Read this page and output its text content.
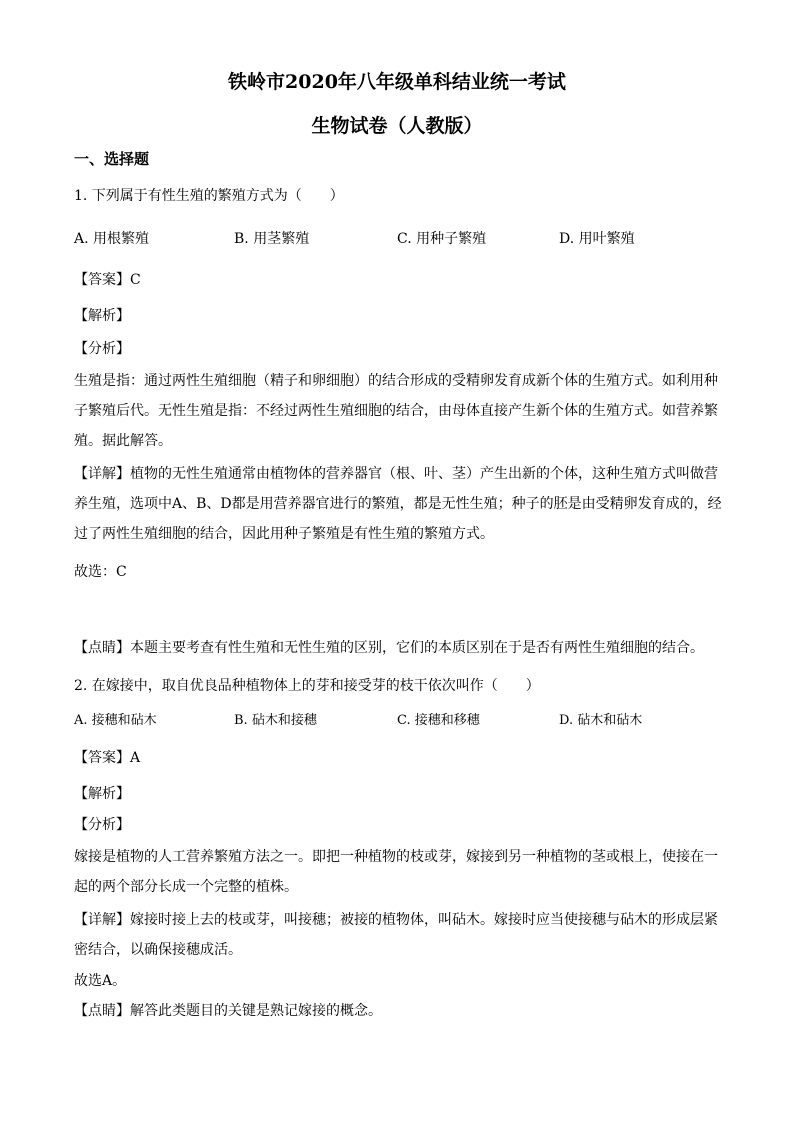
铁岭市2020年八年级单科结业统一考试
生物试卷（人教版）
一、选择题
1. 下列属于有性生殖的繁殖方式为（　　）
A. 用根繁殖	B. 用茎繁殖	C. 用种子繁殖	D. 用叶繁殖
【答案】C
【解析】
【分析】
生殖是指：通过两性生殖细胞（精子和卵细胞）的结合形成的受精卵发育成新个体的生殖方式。如利用种
子繁殖后代。无性生殖是指：不经过两性生殖细胞的结合，由母体直接产生新个体的生殖方式。如营养繁
殖。据此解答。
【详解】植物的无性生殖通常由植物体的营养器官（根、叶、茎）产生出新的个体，这种生殖方式叫做营
养生殖，选项中A、B、D都是用营养器官进行的繁殖，都是无性生殖；种子的胚是由受精卵发育成的，经
过了两性生殖细胞的结合，因此用种子繁殖是有性生殖的繁殖方式。
故选：C
【点睛】本题主要考查有性生殖和无性生殖的区别，它们的本质区别在于是否有两性生殖细胞的结合。
2. 在嫁接中，取自优良品种植物体上的芽和接受芽的枝干依次叫作（　　）
A. 接穗和砧木	B. 砧木和接穗	C. 接穗和移穗	D. 砧木和砧木
【答案】A
【解析】
【分析】
嫁接是植物的人工营养繁殖方法之一。即把一种植物的枝或芽，嫁接到另一种植物的茎或根上，使接在一
起的两个部分长成一个完整的植株。
【详解】嫁接时接上去的枝或芽，叫接穗；被接的植物体，叫砧木。嫁接时应当使接穗与砧木的形成层紧
密结合，以确保接穗成活。
故选A。
【点睛】解答此类题目的关键是熟记嫁接的概念。
